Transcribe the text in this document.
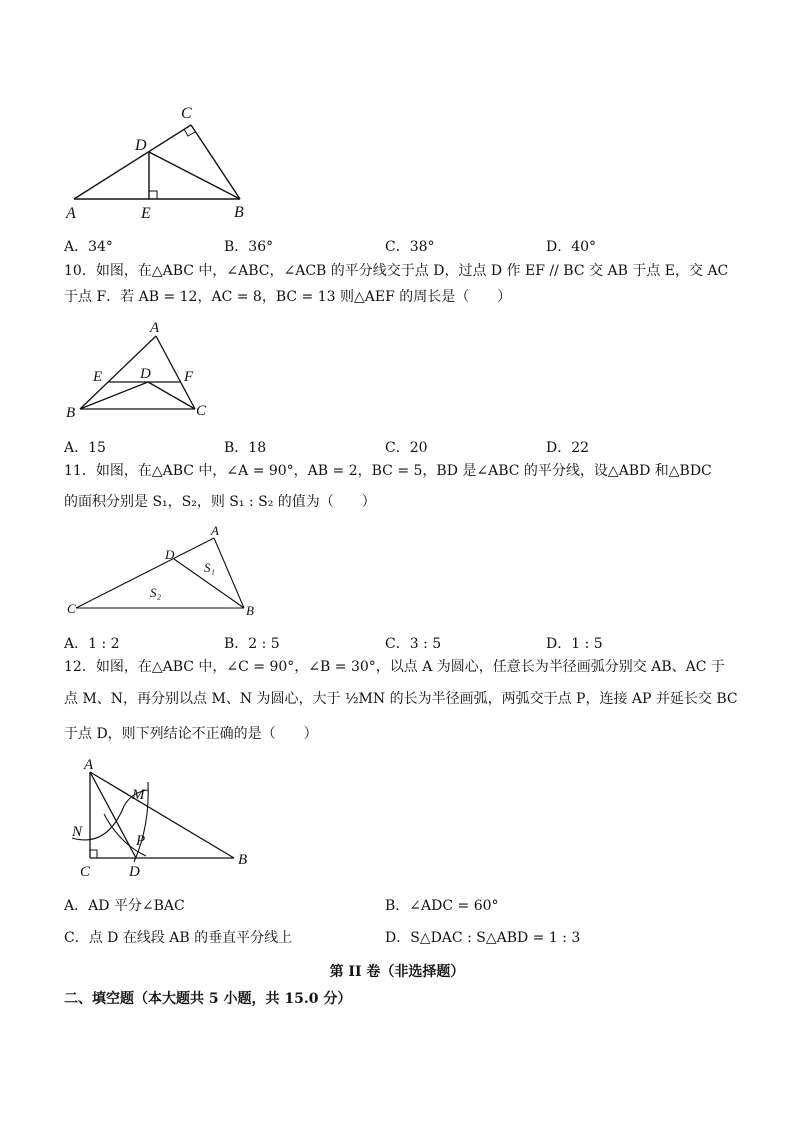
A	B
C
D
E
A．34°	B．36°	C．38°	D．40°
10．如图，在△ABC 中，∠ABC，∠ACB 的平分线交于点 D，过点 D 作 EF // BC 交 AB 于点 E，交 AC
于点 F．若 AB = 12，AC = 8，BC = 13 则△AEF 的周长是（　　）
A
B	C
D
E	F
A．15	B．18	C．20	D．22
11．如图，在△ABC 中，∠A = 90°，AB = 2，BC = 5，BD 是∠ABC 的平分线，设△ABD 和△BDC
的面积分别是 S₁，S₂，则 S₁ : S₂ 的值为（　　）
A
B
C
D
S₁
S₂
A．1 : 2	B．2 : 5	C．3 : 5	D．1 : 5
12．如图，在△ABC 中，∠C = 90°，∠B = 30°，以点 A 为圆心，任意长为半径画弧分别交 AB、AC 于
点 M、N，再分别以点 M、N 为圆心，大于 ½MN 的长为半径画弧，两弧交于点 P，连接 AP 并延长交 BC
于点 D，则下列结论不正确的是（　　）
A
B
C	D
M
N
P
A．AD 平分∠BAC	B．∠ADC = 60°
C．点 D 在线段 AB 的垂直平分线上	D．S△DAC : S△ABD = 1 : 3
第 II 卷（非选择题）
二、填空题（本大题共 5 小题，共 15.0 分）
